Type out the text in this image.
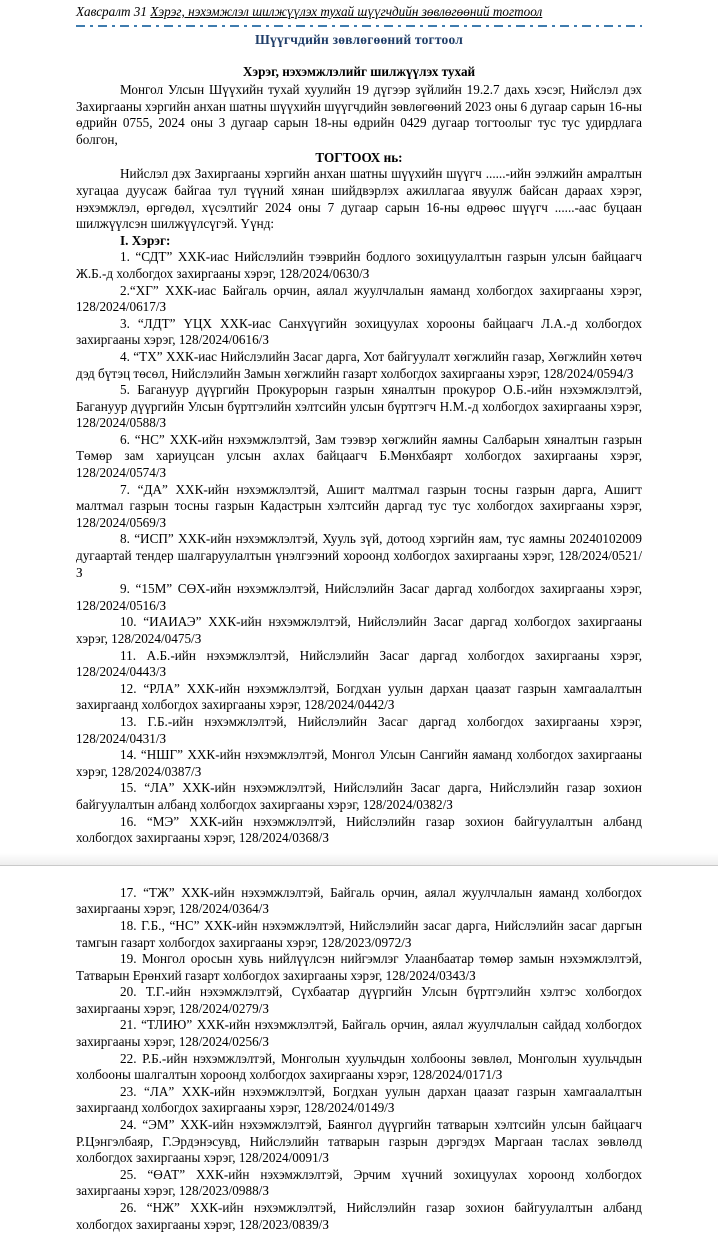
Хавсралт 31 Хэрэг, нэхэмжлэл шилжүүлэх тухай шүүгчдийн зөвлөгөөний тогтоол
Шүүгчдийн зөвлөгөөний тогтоол
Хэрэг, нэхэмжлэлийг шилжүүлэх тухай

Монгол Улсын Шүүхийн тухай хуулийн 19 дүгээр зүйлийн 19.2.7 дахь хэсэг, Нийслэл дэх Захиргааны хэргийн анхан шатны шүүхийн шүүгчдийн зөвлөгөөний 2023 оны 6 дугаар сарын 16-ны өдрийн 0755, 2024 оны 3 дугаар сарын 18-ны өдрийн 0429 дугаар тогтоолыг тус тус удирдлага болгон,

ТОГТООХ нь:

Нийслэл дэх Захиргааны хэргийн анхан шатны шүүхийн шүүгч ......-ийн ээлжийн амралтын хугацаа дуусаж байгаа тул түүний хянан шийдвэрлэх ажиллагаа явуулж байсан дараах хэрэг, нэхэмжлэл, өргөдөл, хүсэлтийг 2024 оны 7 дугаар сарын 16-ны өдрөөс шүүгч ......-аас буцаан шилжүүлсэн шилжүүлсүгэй. Үүнд:

I. Хэрэг:

1. “СДТ” ХХК-иас Нийслэлийн тээврийн бодлого зохицуулалтын газрын улсын байцаагч Ж.Б.-д холбогдох захиргааны хэрэг, 128/2024/0630/З

2.“ХГ” ХХК-иас Байгаль орчин, аялал жуулчлалын яаманд холбогдох захиргааны хэрэг, 128/2024/0617/З

3. “ЛДТ” ҮЦХ ХХК-иас Санхүүгийн зохицуулах хорооны байцаагч Л.А.-д холбогдох захиргааны хэрэг, 128/2024/0616/З

4. “ТХ” ХХК-иас Нийслэлийн Засаг дарга, Хот байгуулалт хөгжлийн газар, Хөгжлийн хөтөч дэд бүтэц төсөл, Нийслэлийн Замын хөгжлийн газарт холбогдох захиргааны хэрэг, 128/2024/0594/З

5. Багануур дүүргийн Прокурорын газрын хяналтын прокурор О.Б.-ийн нэхэмжлэлтэй, Багануур дүүргийн Улсын бүртгэлийн хэлтсийн улсын бүртгэгч Н.М.-д холбогдох захиргааны хэрэг, 128/2024/0588/З

6. “НС” ХХК-ийн нэхэмжлэлтэй, Зам тээвэр хөгжлийн яамны Салбарын хяналтын газрын Төмөр зам хариуцсан улсын ахлах байцаагч Б.Мөнхбаярт холбогдох захиргааны хэрэг, 128/2024/0574/З

7. “ДА” ХХК-ийн нэхэмжлэлтэй, Ашигт малтмал газрын тосны газрын дарга, Ашигт малтмал газрын тосны газрын Кадастрын хэлтсийн даргад тус тус холбогдох захиргааны хэрэг, 128/2024/0569/З

8. “ИСП” ХХК-ийн нэхэмжлэлтэй, Хууль зүй, дотоод хэргийн яам, тус яамны 20240102009 дугаартай тендер шалгаруулалтын үнэлгээний хороонд холбогдох захиргааны хэрэг, 128/2024/0521/З

9. “15М” СӨХ-ийн нэхэмжлэлтэй, Нийслэлийн Засаг даргад холбогдох захиргааны хэрэг, 128/2024/0516/З

10. “ИАИАЭ” ХХК-ийн нэхэмжлэлтэй, Нийслэлийн Засаг даргад холбогдох захиргааны хэрэг, 128/2024/0475/З

11. А.Б.-ийн нэхэмжлэлтэй, Нийслэлийн Засаг даргад холбогдох захиргааны хэрэг, 128/2024/0443/З

12. “РЛА” ХХК-ийн нэхэмжлэлтэй, Богдхан уулын дархан цаазат газрын хамгаалалтын захиргаанд холбогдох захиргааны хэрэг, 128/2024/0442/З

13. Г.Б.-ийн нэхэмжлэлтэй, Нийслэлийн Засаг даргад холбогдох захиргааны хэрэг, 128/2024/0431/З

14. “НШГ” ХХК-ийн нэхэмжлэлтэй, Монгол Улсын Сангийн яаманд холбогдох захиргааны хэрэг, 128/2024/0387/З

15. “ЛА” ХХК-ийн нэхэмжлэлтэй, Нийслэлийн Засаг дарга, Нийслэлийн газар зохион байгуулалтын албанд холбогдох захиргааны хэрэг, 128/2024/0382/З

16. “МЭ” ХХК-ийн нэхэмжлэлтэй, Нийслэлийн газар зохион байгуулалтын албанд холбогдох захиргааны хэрэг, 128/2024/0368/З

17. “ТЖ” ХХК-ийн нэхэмжлэлтэй, Байгаль орчин, аялал жуулчлалын яаманд холбогдох захиргааны хэрэг, 128/2024/0364/З

18. Г.Б., “НС” ХХК-ийн нэхэмжлэлтэй, Нийслэлийн засаг дарга, Нийслэлийн засаг даргын тамгын газарт холбогдох захиргааны хэрэг, 128/2023/0972/З

19. Монгол оросын хувь нийлүүлсэн нийгэмлэг Улаанбаатар төмөр замын нэхэмжлэлтэй, Татварын Ерөнхий газарт холбогдох захиргааны хэрэг, 128/2024/0343/З

20. Т.Г.-ийн нэхэмжлэлтэй, Сүхбаатар дүүргийн Улсын бүртгэлийн хэлтэс холбогдох захиргааны хэрэг, 128/2024/0279/З

21. “ТЛИЮ” ХХК-ийн нэхэмжлэлтэй, Байгаль орчин, аялал жуулчлалын сайдад холбогдох захиргааны хэрэг, 128/2024/0256/З

22. Р.Б.-ийн нэхэмжлэлтэй, Монголын хуульчдын холбооны зөвлөл, Монголын хуульчдын холбооны шалгалтын хороонд холбогдох захиргааны хэрэг, 128/2024/0171/З

23. “ЛА” ХХК-ийн нэхэмжлэлтэй, Богдхан уулын дархан цаазат газрын хамгаалалтын захиргаанд холбогдох захиргааны хэрэг, 128/2024/0149/З

24. “ЭМ” ХХК-ийн нэхэмжлэлтэй, Баянгол дүүргийн татварын хэлтсийн улсын байцаагч Р.Цэнгэлбаяр, Г.Эрдэнэсувд, Нийслэлийн татварын газрын дэргэдэх Маргаан таслах зөвлөлд холбогдох захиргааны хэрэг, 128/2024/0091/З

25. “ӨАТ” ХХК-ийн нэхэмжлэлтэй, Эрчим хүчний зохицуулах хороонд холбогдох захиргааны хэрэг, 128/2023/0988/З

26. “НЖ” ХХК-ийн нэхэмжлэлтэй, Нийслэлийн газар зохион байгуулалтын албанд холбогдох захиргааны хэрэг, 128/2023/0839/З
